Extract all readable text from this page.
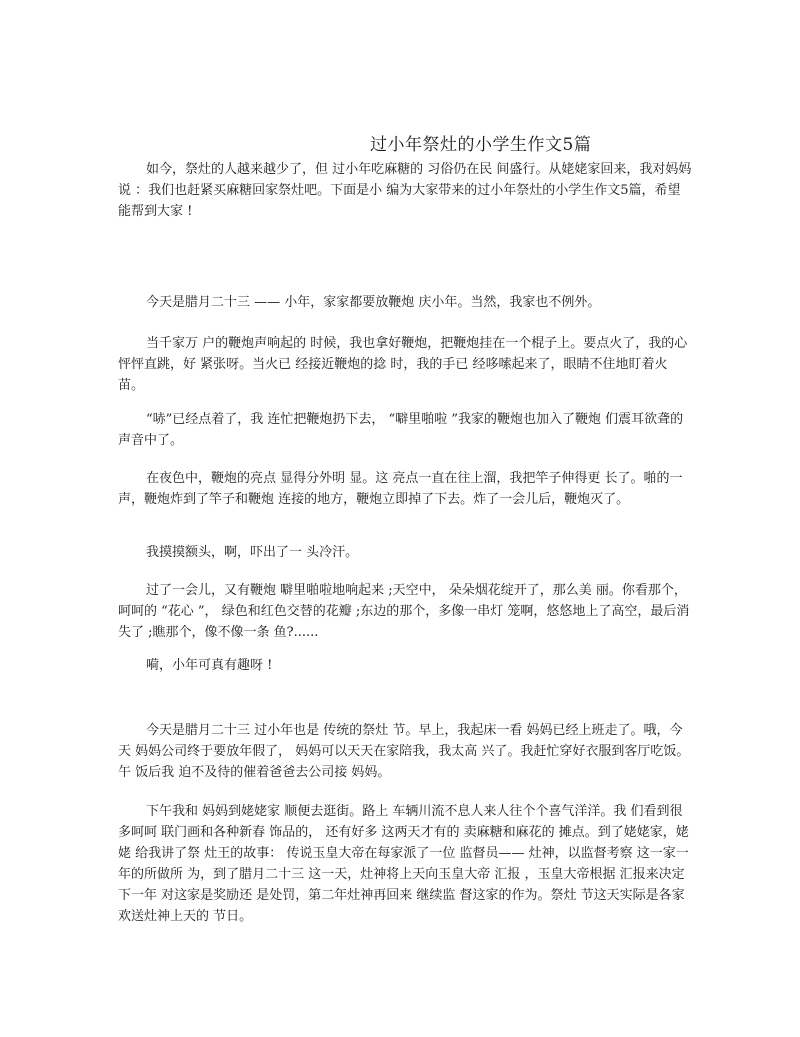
过小年祭灶的小学生作文5篇
如今，祭灶的人越来越少了，但 过小年吃麻糖的 习俗仍在民 间盛行。从姥姥家回来，我对妈妈说 ：我们也赶紧买麻糖回家祭灶吧。下面是小 编为大家带来的过小年祭灶的小学生作文5篇，希望能帮到大家 !
今天是腊月二十三 —— 小年，家家都要放鞭炮 庆小年。当然，我家也不例外。
当千家万 户的鞭炮声响起的 时候，我也拿好鞭炮，把鞭炮挂在一个棍子上。要点火了，我的心怦怦直跳，好 紧张呀。当火已 经接近鞭炮的捻 时，我的手已 经哆嗦起来了，眼睛不住地盯着火苗。
“哧”已经点着了，我 连忙把鞭炮扔下去， “噼里啪啦 ”我家的鞭炮也加入了鞭炮 们震耳欲聋的声音中了。
在夜色中，鞭炮的亮点 显得分外明 显。这 亮点一直在往上溜，我把竿子伸得更 长了。啪的一声，鞭炮炸到了竿子和鞭炮 连接的地方，鞭炮立即掉了下去。炸了一会儿后，鞭炮灭了。
我摸摸额头，啊，吓出了一 头冷汗。
过了一会儿，又有鞭炮 噼里啪啦地响起来 ;天空中， 朵朵烟花绽开了，那么美 丽。你看那个，呵呵的 “花心 ”， 绿色和红色交替的花瓣 ;东边的那个，多像一串灯 笼啊，悠悠地上了高空，最后消失了 ;瞧那个，像不像一条 鱼?......
嗬，小年可真有趣呀 !
今天是腊月二十三 过小年也是 传统的祭灶 节。早上，我起床一看 妈妈已经上班走了。哦，今天 妈妈公司终于要放年假了， 妈妈可以天天在家陪我，我太高 兴了。我赶忙穿好衣服到客厅吃饭。午 饭后我 迫不及待的催着爸爸去公司接 妈妈。
下午我和 妈妈到姥姥家 顺便去逛街。路上 车辆川流不息人来人往个个喜气洋洋。我 们看到很多呵呵 联门画和各种新春 饰品的， 还有好多 这两天才有的 卖麻糖和麻花的 摊点。到了姥姥家，姥姥 给我讲了祭 灶王的故事： 传说玉皇大帝在每家派了一位 监督员—— 灶神，以监督考察 这一家一年的所做所 为，到了腊月二十三 这一天，灶神将上天向玉皇大帝 汇报 ，玉皇大帝根据 汇报来决定下一年 对这家是奖励还 是处罚，第二年灶神再回来 继续监 督这家的作为。祭灶 节这天实际是各家 欢送灶神上天的 节日。
